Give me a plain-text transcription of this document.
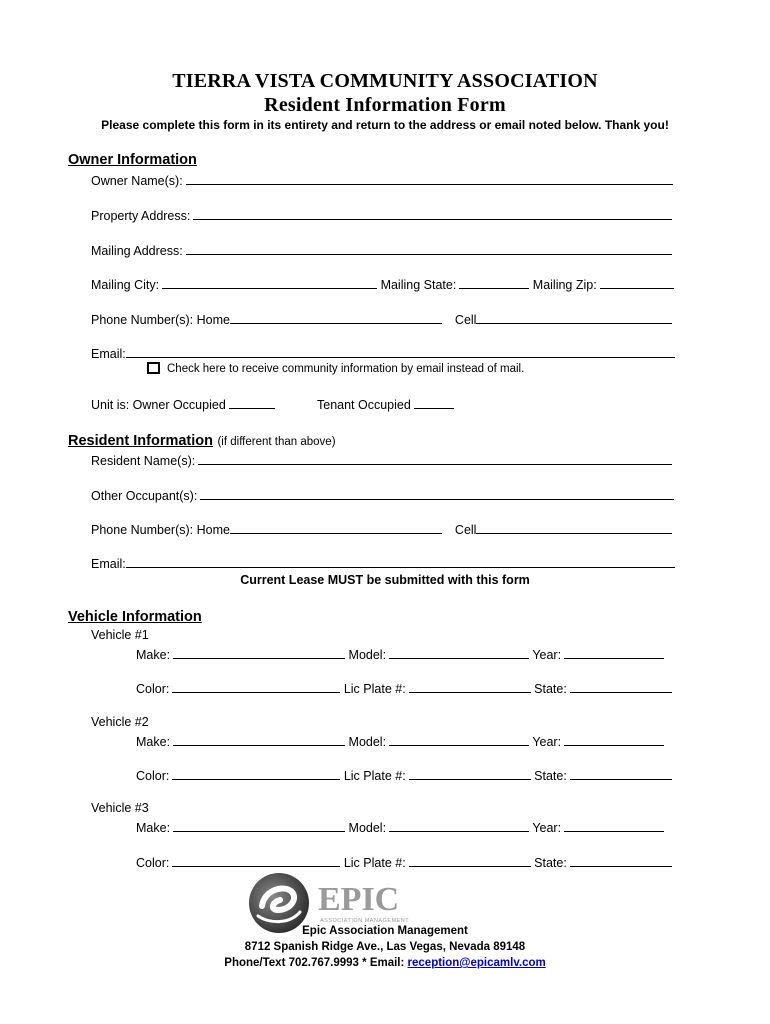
TIERRA VISTA COMMUNITY ASSOCIATION
Resident Information Form
Please complete this form in its entirety and return to the address or email noted below. Thank you!
Owner Information
Owner Name(s):
Property Address:
Mailing Address:
Mailing City:	Mailing State:	Mailing Zip:
Phone Number(s): Home	Cell
Email:
Check here to receive community information by email instead of mail.
Unit is: Owner Occupied	Tenant Occupied
Resident Information (if different than above)
Resident Name(s):
Other Occupant(s):
Phone Number(s): Home	Cell
Email:
Current Lease MUST be submitted with this form
Vehicle Information
Vehicle #1
Make:	Model:	Year:
Color:	Lic Plate #:	State:
Vehicle #2
Make:	Model:	Year:
Color:	Lic Plate #:	State:
Vehicle #3
Make:	Model:	Year:
Color:	Lic Plate #:	State:
EPIC
ASSOCIATION MANAGEMENT
Epic Association Management
8712 Spanish Ridge Ave., Las Vegas, Nevada 89148
Phone/Text 702.767.9993 * Email: reception@epicamlv.com
